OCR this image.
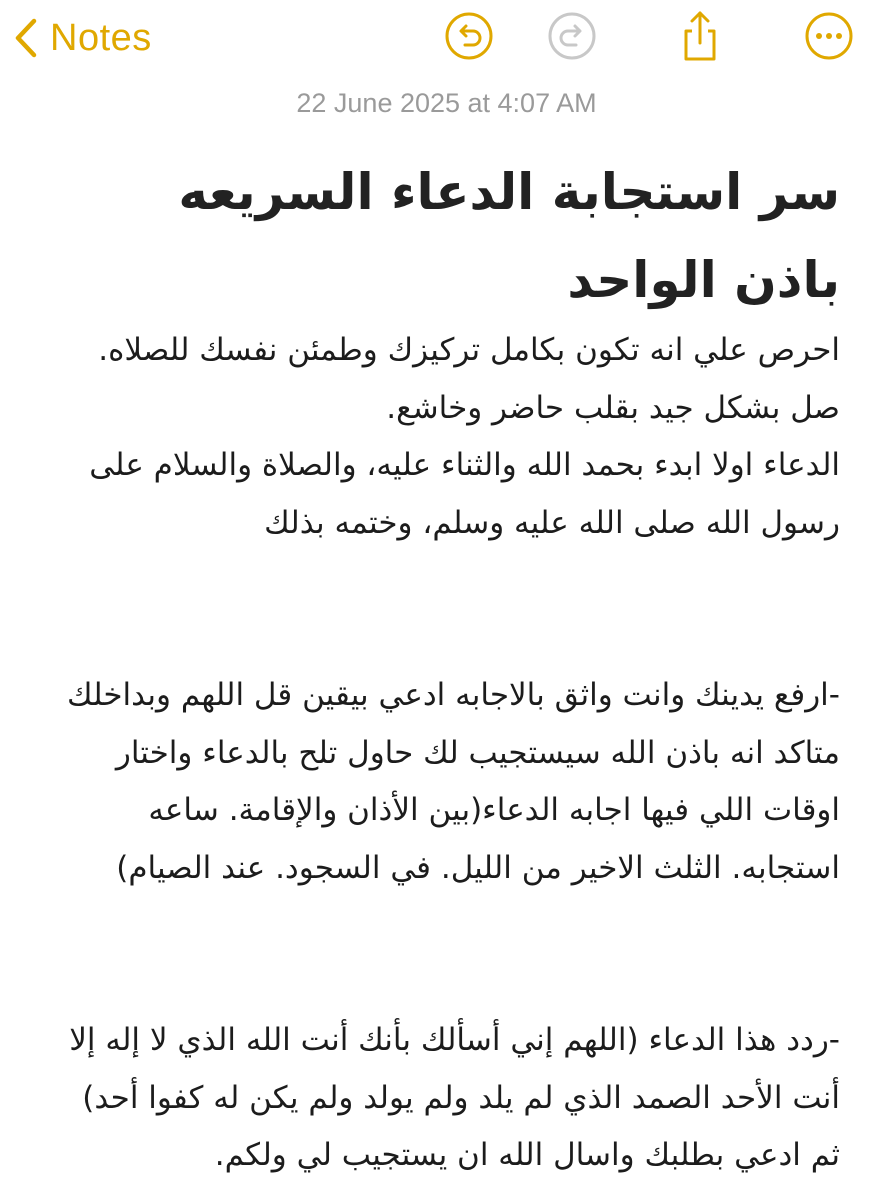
Notes
22 June 2025 at 4:07 AM
سر استجابة الدعاء السريعه باذن الواحد
احرص علي انه تكون بكامل تركيزك وطمئن نفسك للصلاه.
صل بشكل جيد بقلب حاضر وخاشع.
الدعاء اولا ابدء بحمد الله والثناء عليه، والصلاة والسلام على رسول الله صلى الله عليه وسلم، وختمه بذلك
-ارفع يدينك وانت واثق بالاجابه ادعي بيقين قل اللهم وبداخلك متاكد انه باذن الله سيستجيب لك حاول تلح بالدعاء واختار اوقات اللي فيها اجابه الدعاء(بين الأذان والإقامة. ساعه استجابه. الثلث الاخير من الليل. في السجود. عند الصيام)
-ردد هذا الدعاء (اللهم إني أسألك بأنك أنت الله الذي لا إله إلا أنت الأحد الصمد الذي لم يلد ولم يولد ولم يكن له كفوا أحد) ثم ادعي بطلبك واسال الله ان يستجيب لي ولكم.
